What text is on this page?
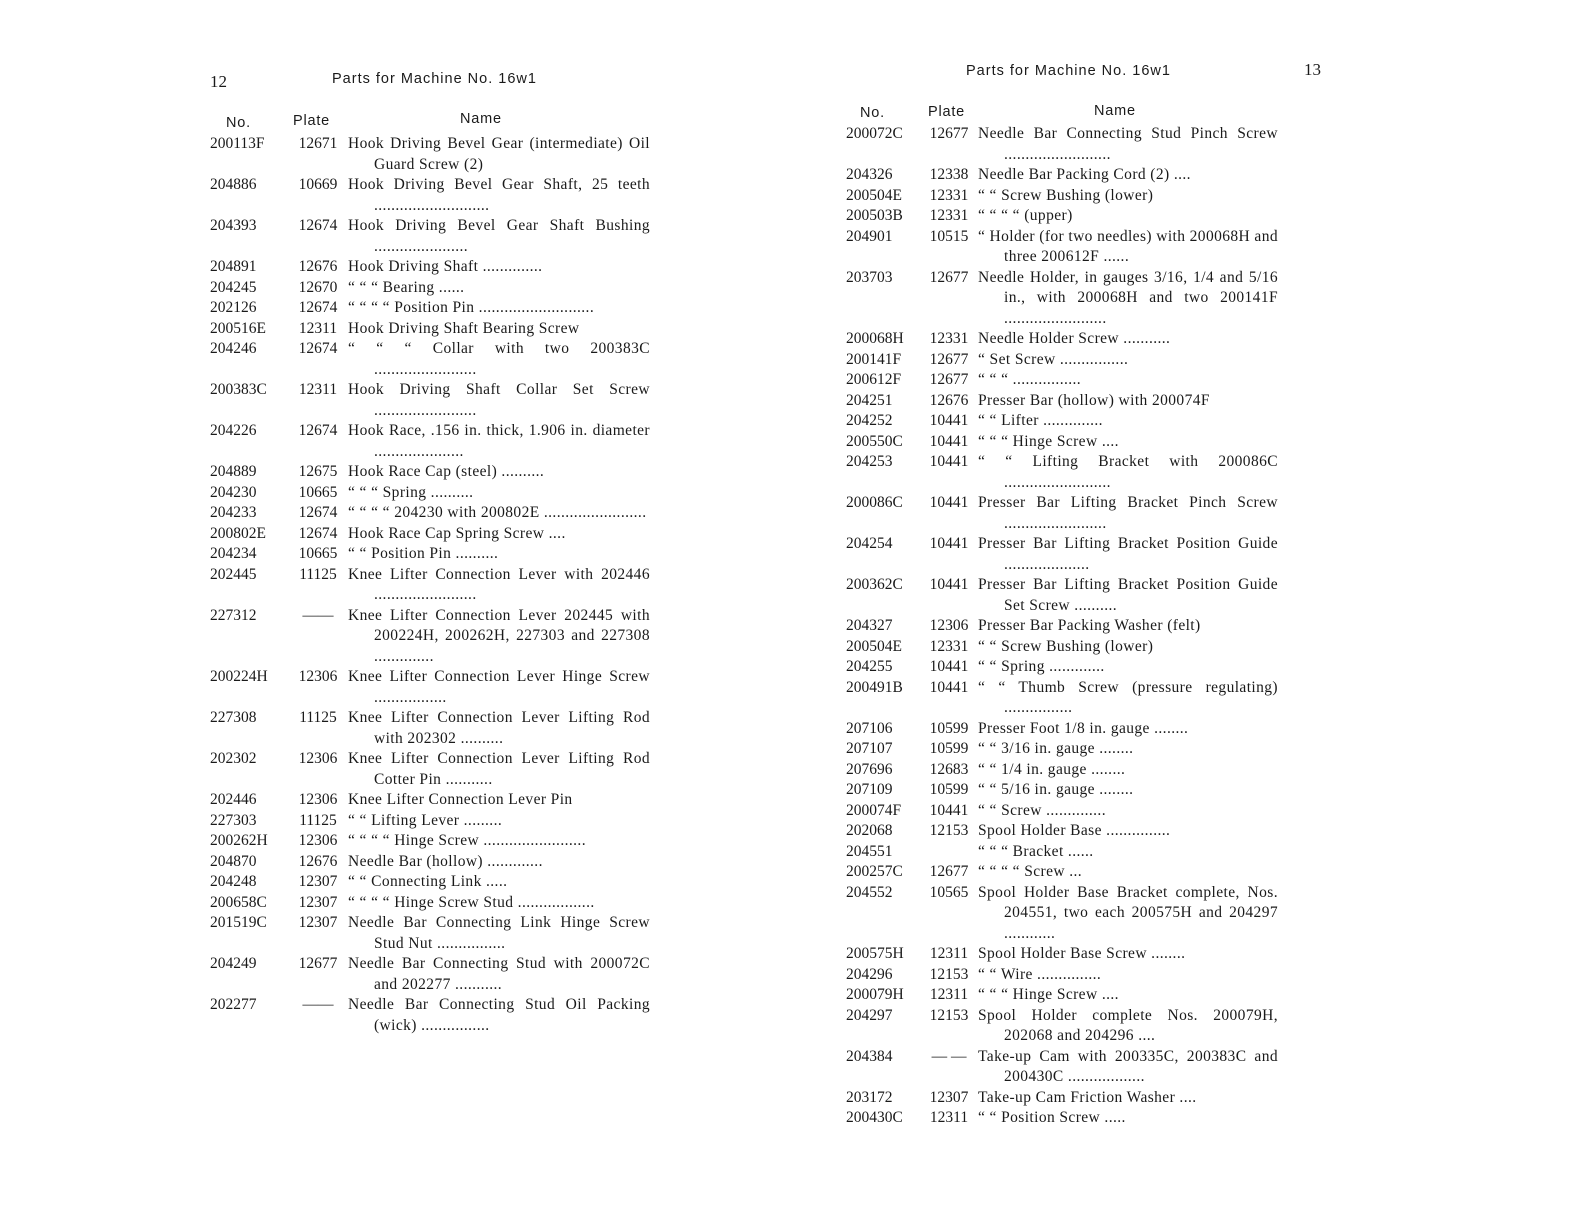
12	Parts for Machine No. 16w1
No.	Plate	Name
200113F	12671 Hook Driving Bevel Gear (intermediate) Oil Guard Screw (2)
204886	10669 Hook Driving Bevel Gear Shaft, 25 teeth ...........................
204393	12674 Hook Driving Bevel Gear Shaft Bushing ......................
204891	12676 Hook Driving Shaft ..............
204245	12670 “ “ “ Bearing ......
202126	12674 “ “ “ “ Position Pin ...........................
200516E	12311 Hook Driving Shaft Bearing Screw
204246	12674 “ “ “ Collar with two 200383C ........................
200383C	12311 Hook Driving Shaft Collar Set Screw ........................
204226	12674 Hook Race, .156 in. thick, 1.906 in. diameter .....................
204889	12675 Hook Race Cap (steel) ..........
204230	10665 “ “ “ Spring ..........
204233	12674 “ “ “ “ 204230 with 200802E ........................
200802E	12674 Hook Race Cap Spring Screw ....
204234	10665 “ “ Position Pin ..........
202445	11125 Knee Lifter Connection Lever with 202446 ........................
227312	—— Knee Lifter Connection Lever 202445 with 200224H, 200262H, 227303 and 227308 ..............
200224H	12306 Knee Lifter Connection Lever Hinge Screw .................
227308	11125 Knee Lifter Connection Lever Lifting Rod with 202302 ..........
202302	12306 Knee Lifter Connection Lever Lifting Rod Cotter Pin ...........
202446	12306 Knee Lifter Connection Lever Pin
227303	11125 “ “ Lifting Lever .........
200262H	12306 “ “ “ “ Hinge Screw ........................
204870	12676 Needle Bar (hollow) .............
204248	12307 “ “ Connecting Link .....
200658C	12307 “ “ “ “ Hinge Screw Stud ..................
201519C	12307 Needle Bar Connecting Link Hinge Screw Stud Nut ................
204249	12677 Needle Bar Connecting Stud with 200072C and 202277 ...........
202277	—— Needle Bar Connecting Stud Oil Packing (wick) ................
13
Parts for Machine No. 16w1
No.	Plate	Name
200072C	12677 Needle Bar Connecting Stud Pinch Screw .........................
204326	12338 Needle Bar Packing Cord (2) ....
200504E	12331 “ “ Screw Bushing (lower)
200503B	12331 “ “ “ “ (upper)
204901	10515 “ Holder (for two needles) with 200068H and three 200612F ......
203703	12677 Needle Holder, in gauges 3/16, 1/4 and 5/16 in., with 200068H and two 200141F ........................
200068H	12331 Needle Holder Screw ...........
200141F	12677 “ Set Screw ................
200612F	12677 “ “ “ ................
204251	12676 Presser Bar (hollow) with 200074F
204252	10441 “ “ Lifter ..............
200550C	10441 “ “ “ Hinge Screw ....
204253	10441 “ “ Lifting Bracket with 200086C .........................
200086C	10441 Presser Bar Lifting Bracket Pinch Screw ........................
204254	10441 Presser Bar Lifting Bracket Position Guide ....................
200362C	10441 Presser Bar Lifting Bracket Position Guide Set Screw ..........
204327	12306 Presser Bar Packing Washer (felt)
200504E	12331 “ “ Screw Bushing (lower)
204255	10441 “ “ Spring .............
200491B	10441 “ “ Thumb Screw (pressure regulating) ................
207106	10599 Presser Foot 1/8 in. gauge ........
207107	10599 “ “ 3/16 in. gauge ........
207696	12683 “ “ 1/4 in. gauge ........
207109	10599 “ “ 5/16 in. gauge ........
200074F	10441 “ “ Screw ..............
202068	12153 Spool Holder Base ...............
204551	“ “ “ Bracket ......
200257C	12677 “ “ “ “ Screw ...
204552	10565 Spool Holder Base Bracket complete, Nos. 204551, two each 200575H and 204297 ............
200575H	12311 Spool Holder Base Screw ........
204296	12153 “ “ Wire ...............
200079H	12311 “ “ “ Hinge Screw ....
204297	12153 Spool Holder complete Nos. 200079H, 202068 and 204296 ....
204384	— — Take-up Cam with 200335C, 200383C and 200430C ..................
203172	12307 Take-up Cam Friction Washer ....
200430C	12311 “ “ Position Screw .....
